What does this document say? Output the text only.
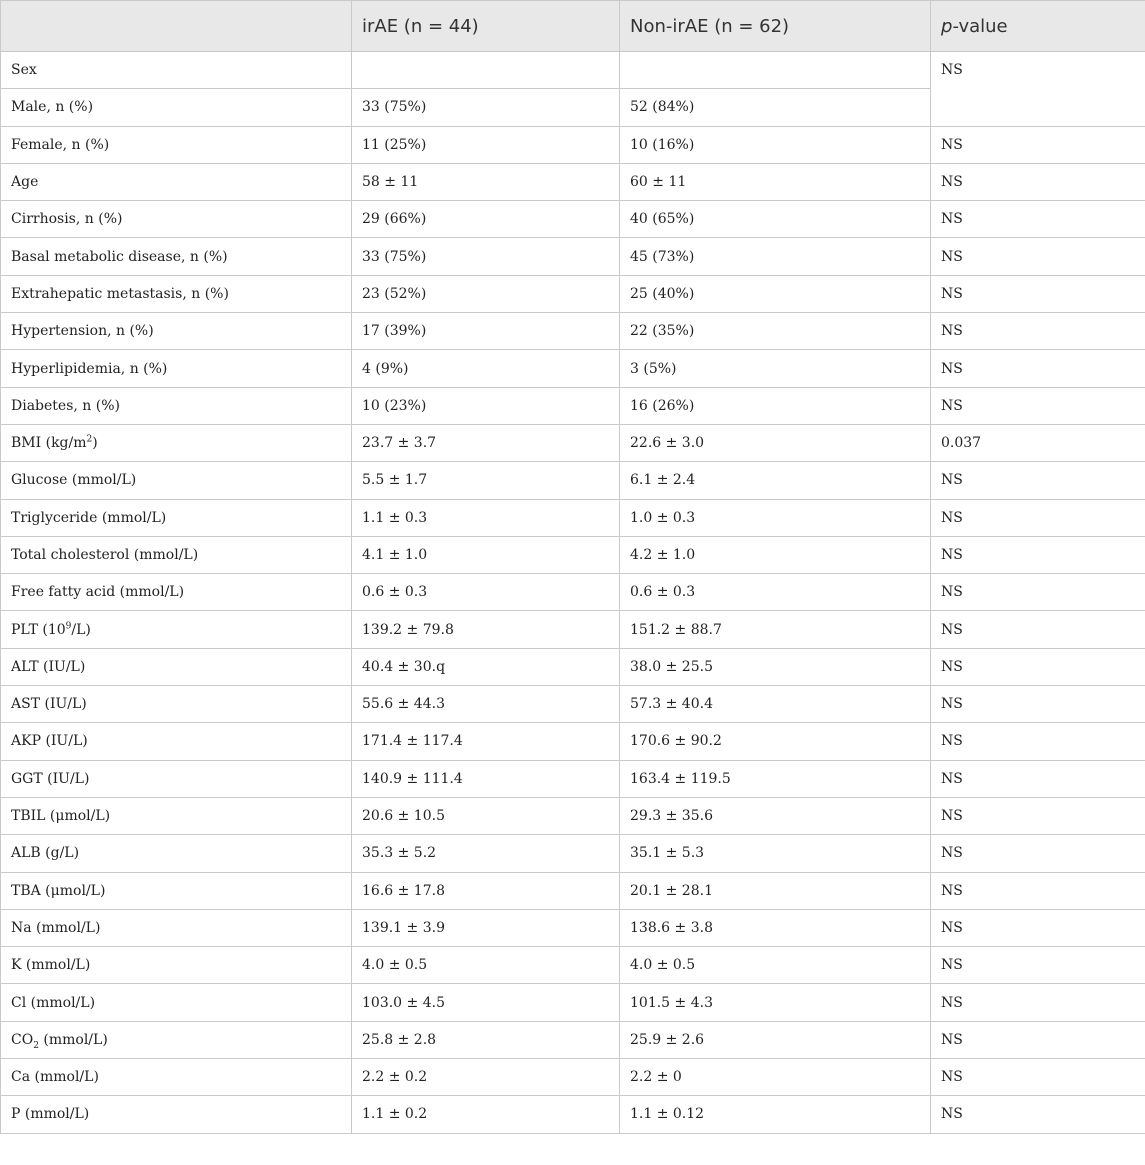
	irAE (n = 44)	Non-irAE (n = 62)	p-value
Sex			NS
Male, n (%)	33 (75%)	52 (84%)	
Female, n (%)	11 (25%)	10 (16%)	NS
Age	58 ± 11	60 ± 11	NS
Cirrhosis, n (%)	29 (66%)	40 (65%)	NS
Basal metabolic disease, n (%)	33 (75%)	45 (73%)	NS
Extrahepatic metastasis, n (%)	23 (52%)	25 (40%)	NS
Hypertension, n (%)	17 (39%)	22 (35%)	NS
Hyperlipidemia, n (%)	4 (9%)	3 (5%)	NS
Diabetes, n (%)	10 (23%)	16 (26%)	NS
BMI $(kg/m^2)$	23.7 ± 3.7	22.6 ± 3.0	0.037
Glucose (mmol/L)	5.5 ± 1.7	6.1 ± 2.4	NS
Triglyceride (mmol/L)	1.1 ± 0.3	1.0 ± 0.3	NS
Total cholesterol (mmol/L)	4.1 ± 1.0	4.2 ± 1.0	NS
Free fatty acid (mmol/L)	0.6 ± 0.3	0.6 ± 0.3	NS
PLT $(10^9/L)$	139.2 ± 79.8	151.2 ± 88.7	NS
ALT (IU/L)	40.4 ± 30.q	38.0 ± 25.5	NS
AST (IU/L)	55.6 ± 44.3	57.3 ± 40.4	NS
AKP (IU/L)	171.4 ± 117.4	170.6 ± 90.2	NS
GGT (IU/L)	140.9 ± 111.4	163.4 ± 119.5	NS
TBIL (μmol/L)	20.6 ± 10.5	29.3 ± 35.6	NS
ALB (g/L)	35.3 ± 5.2	35.1 ± 5.3	NS
TBA (μmol/L)	16.6 ± 17.8	20.1 ± 28.1	NS
Na (mmol/L)	139.1 ± 3.9	138.6 ± 3.8	NS
K (mmol/L)	4.0 ± 0.5	4.0 ± 0.5	NS
Cl (mmol/L)	103.0 ± 4.5	101.5 ± 4.3	NS
$CO_2$ (mmol/L)	25.8 ± 2.8	25.9 ± 2.6	NS
Ca (mmol/L)	2.2 ± 0.2	2.2 ± 0	NS
P (mmol/L)	1.1 ± 0.2	1.1 ± 0.12	NS
